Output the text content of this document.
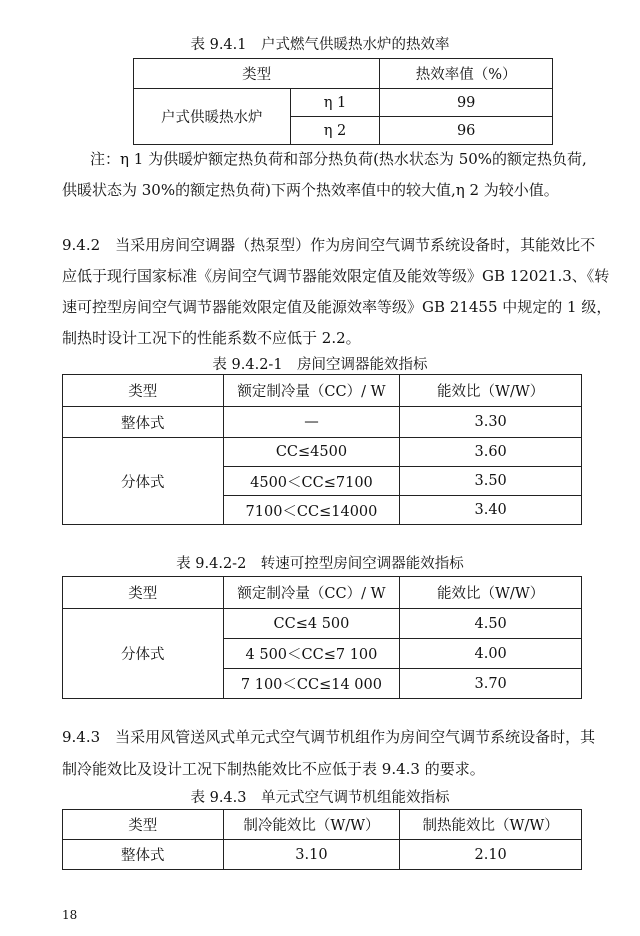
表 9.4.1　户式燃气供暖热水炉的热效率
类型		热效率值（%）
户式供暖热水炉	η 1	99
	η 2	96
注：η 1 为供暖炉额定热负荷和部分热负荷(热水状态为 50%的额定热负荷,
供暖状态为 30%的额定热负荷)下两个热效率值中的较大值,η 2 为较小值。
9.4.2　当采用房间空调器（热泵型）作为房间空气调节系统设备时，其能效比不
应低于现行国家标准《房间空气调节器能效限定值及能效等级》GB 12021.3、《转
速可控型房间空气调节器能效限定值及能源效率等级》GB 21455 中规定的 1 级，
制热时设计工况下的性能系数不应低于 2.2。
表 9.4.2-1　房间空调器能效指标
类型	额定制冷量（CC）/ W	能效比（W/W）
整体式	—	3.30
分体式	CC≤4500	3.60
	4500＜CC≤7100	3.50
	7100＜CC≤14000	3.40
表 9.4.2-2　转速可控型房间空调器能效指标
类型	额定制冷量（CC）/ W	能效比（W/W）
分体式	CC≤4 500	4.50
	4 500＜CC≤7 100	4.00
	7 100＜CC≤14 000	3.70
9.4.3　当采用风管送风式单元式空气调节机组作为房间空气调节系统设备时，其
制冷能效比及设计工况下制热能效比不应低于表 9.4.3 的要求。
表 9.4.3　单元式空气调节机组能效指标
类型	制冷能效比（W/W）	制热能效比（W/W）
整体式	3.10	2.10
18
